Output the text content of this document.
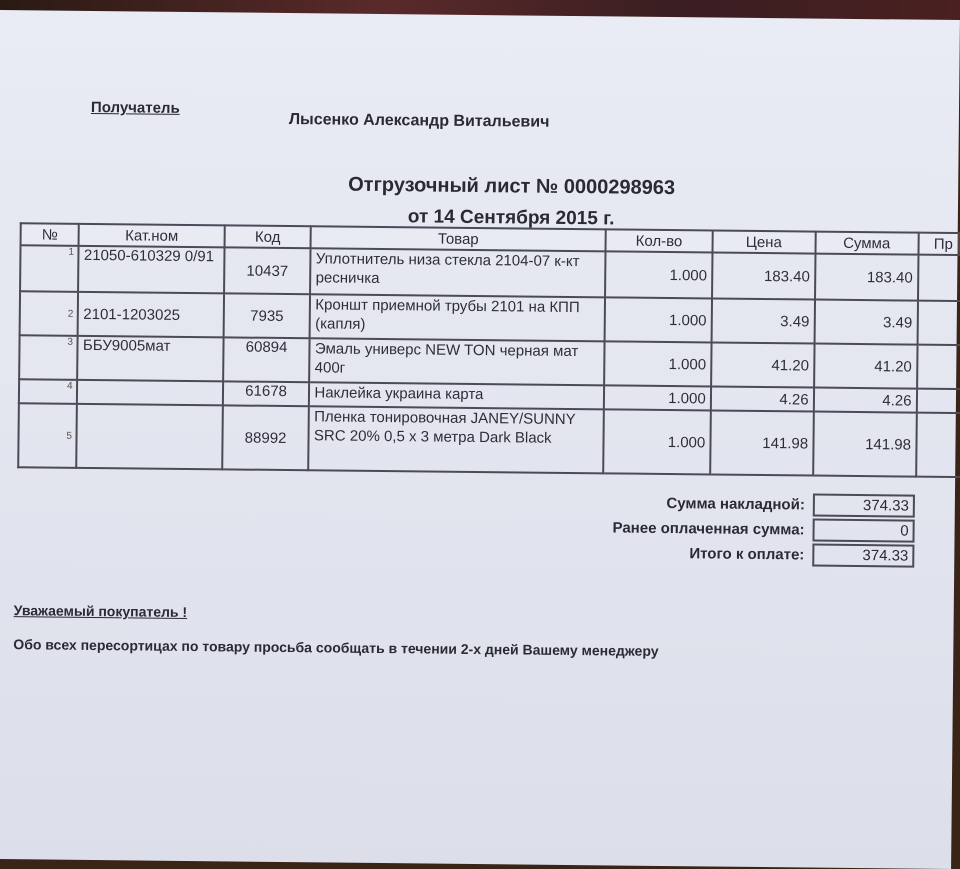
Получатель
Лысенко Александр Витальевич
Отгрузочный лист № 0000298963
от 14 Сентября 2015 г.
№	Кат.ном	Код	Товар	Кол-во	Цена	Сумма	Пр
1	21050-610329 0/91	10437	Уплотнитель низа стекла 2104-07 к-кт ресничка	1.000	183.40	183.40	
2	2101-1203025	7935	Кроншт приемной трубы 2101 на КПП (капля)	1.000	3.49	3.49	
3	ББУ9005мат	60894	Эмаль универс NEW TON черная мат 400г	1.000	41.20	41.20	
4		61678	Наклейка украина карта	1.000	4.26	4.26	
5		88992	Пленка тонировочная JANEY/SUNNY SRC 20% 0,5 х 3 метра Dark Black	1.000	141.98	141.98	
Сумма накладной:	374.33
Ранее оплаченная сумма:	0
Итого к оплате:	374.33
Уважаемый покупатель !
Обо всех пересортицах по товару просьба сообщать в течении 2-х дней Вашему менеджеру
